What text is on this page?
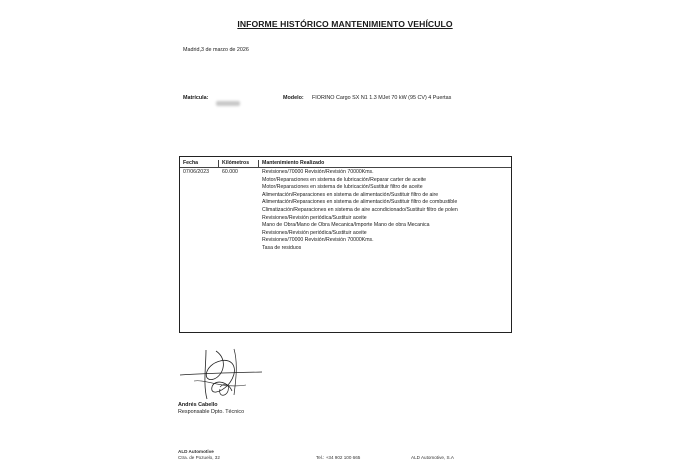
INFORME HISTÓRICO MANTENIMIENTO VEHÍCULO
Madrid,3 de marzo de 2026
Matrícula:	Modelo: FIORINO Cargo SX N1 1.3 MJet 70 kW (95 CV) 4 Puertas
Fecha	Kilómetros Mantenimiento Realizado
07/06/2023	60.000	Revisiones/70000 Revisión/Revisión 70000Kms.
Motor/Reparaciones en sistema de lubricación/Reparar carter de aceite
Motor/Reparaciones en sistema de lubricación/Sustituir filtro de aceite
Alimentación/Reparaciones en sistema de alimentación/Sustituir filtro de aire
Alimentación/Reparaciones en sistema de alimentación/Sustituir filtro de combustible
Climatización/Reparaciones en sistema de aire acondicionado/Sustituir filtro de polen
Revisiones/Revisión periódica/Sustituir aceite
Mano de Obra/Mano de Obra Mecanica/Importe Mano de obra Mecanica
Revisiones/Revisión periódica/Sustituir aceite
Revisiones/70000 Revisión/Revisión 70000Kms.
Tasa de residuos
Andrés Cabello
Responsable Dpto. Técnico
ALD Automotive
Ctra. de Pozuelo, 32	Tel.: +34 902 100 665	ALD Automotive, S.A
